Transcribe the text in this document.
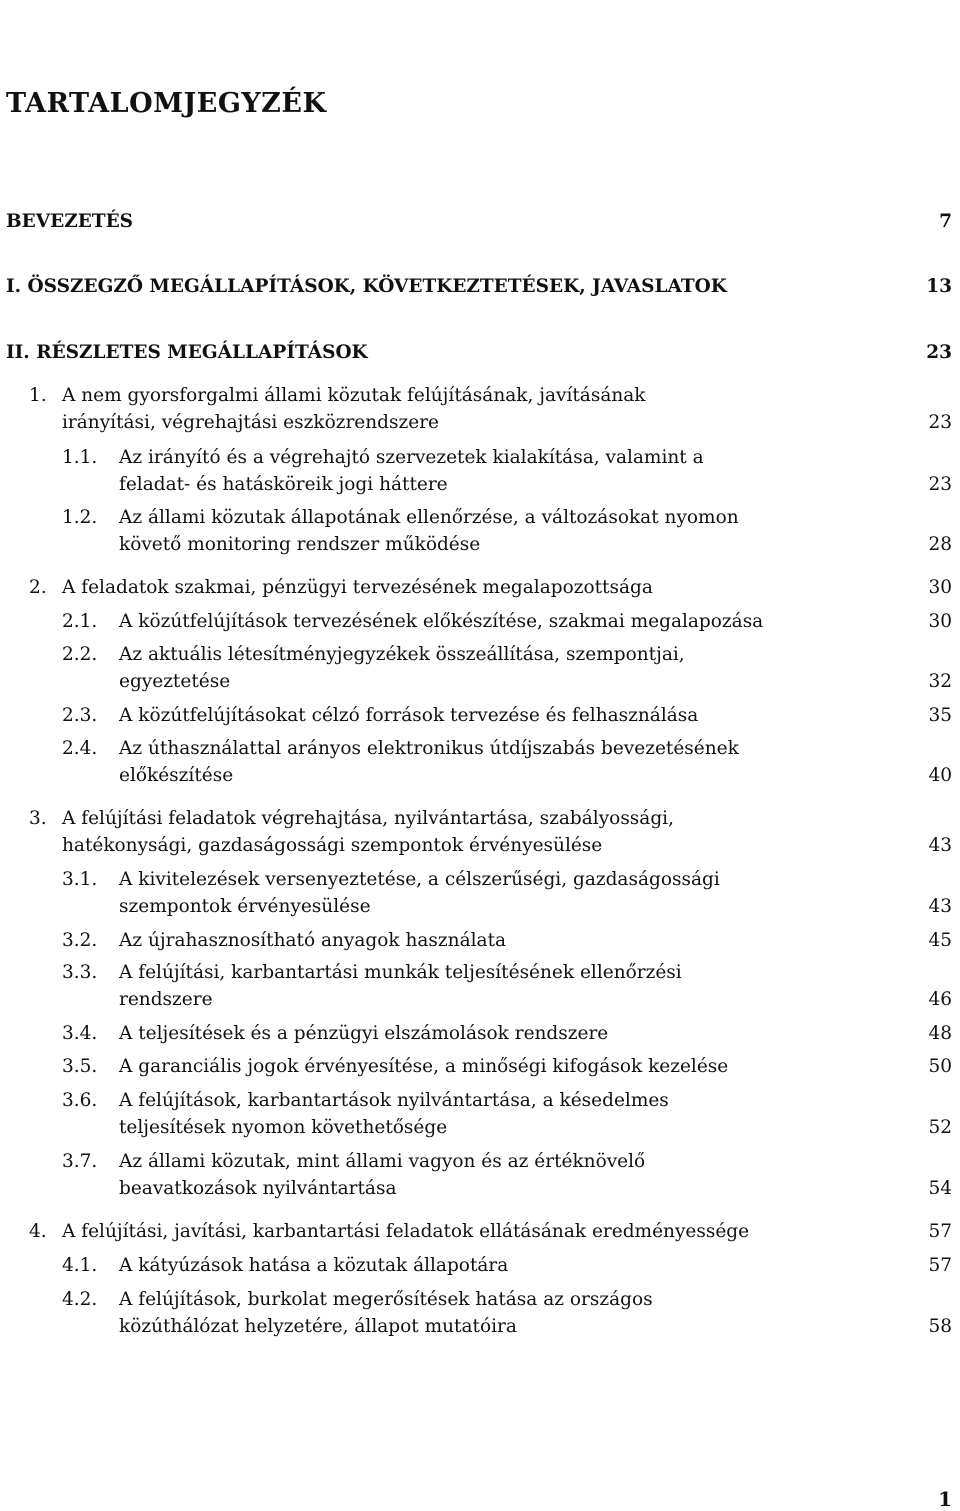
TARTALOMJEGYZÉK
BEVEZETÉS	7
I. ÖSSZEGZŐ MEGÁLLAPÍTÁSOK, KÖVETKEZTETÉSEK, JAVASLATOK	13
II. RÉSZLETES MEGÁLLAPÍTÁSOK	23
1. A nem gyorsforgalmi állami közutak felújításának, javításának
irányítási, végrehajtási eszközrendszere	23
1.1. Az irányító és a végrehajtó szervezetek kialakítása, valamint a
feladat- és hatásköreik jogi háttere	23
1.2. Az állami közutak állapotának ellenőrzése, a változásokat nyomon
követő monitoring rendszer működése	28
2. A feladatok szakmai, pénzügyi tervezésének megalapozottsága	30
2.1. A közútfelújítások tervezésének előkészítése, szakmai megalapozása	30
2.2. Az aktuális létesítményjegyzékek összeállítása, szempontjai,
egyeztetése	32
2.3. A közútfelújításokat célzó források tervezése és felhasználása	35
2.4. Az úthasználattal arányos elektronikus útdíjszabás bevezetésének
előkészítése	40
3. A felújítási feladatok végrehajtása, nyilvántartása, szabályossági,
hatékonysági, gazdaságossági szempontok érvényesülése	43
3.1. A kivitelezések versenyeztetése, a célszerűségi, gazdaságossági
szempontok érvényesülése	43
3.2. Az újrahasznosítható anyagok használata	45
3.3. A felújítási, karbantartási munkák teljesítésének ellenőrzési
rendszere	46
3.4. A teljesítések és a pénzügyi elszámolások rendszere	48
3.5. A garanciális jogok érvényesítése, a minőségi kifogások kezelése	50
3.6. A felújítások, karbantartások nyilvántartása, a késedelmes
teljesítések nyomon követhetősége	52
3.7. Az állami közutak, mint állami vagyon és az értéknövelő
beavatkozások nyilvántartása	54
4. A felújítási, javítási, karbantartási feladatok ellátásának eredményessége	57
4.1. A kátyúzások hatása a közutak állapotára	57
4.2. A felújítások, burkolat megerősítések hatása az országos
közúthálózat helyzetére, állapot mutatóira	58
1
